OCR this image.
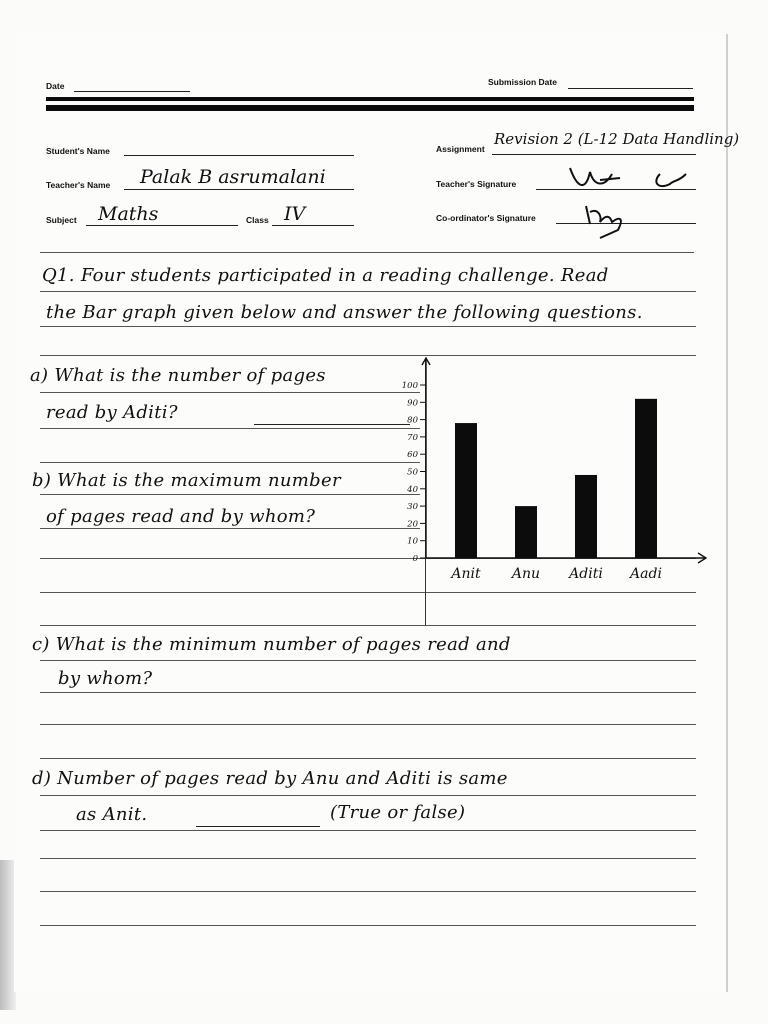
Date	Submission Date
Student's Name
Teacher's Name Palak B asrumalani
Subject Maths	Class IV
Assignment
Revision 2 (L-12 Data Handling)
Teacher's Signature
Co-ordinator's Signature
Q1. Four students participated in a reading challenge. Read
the Bar graph given below and answer the following questions.
a) What is the number of pages
read by Aditi?
b) What is the maximum number
of pages read and by whom?
0
10
20
30
40
50
60
70
80
90
100
Anit Anu Aditi Aadi
c) What is the minimum number of pages read and
by whom?
d) Number of pages read by Anu and Aditi is same
as Anit.	(True or false)
